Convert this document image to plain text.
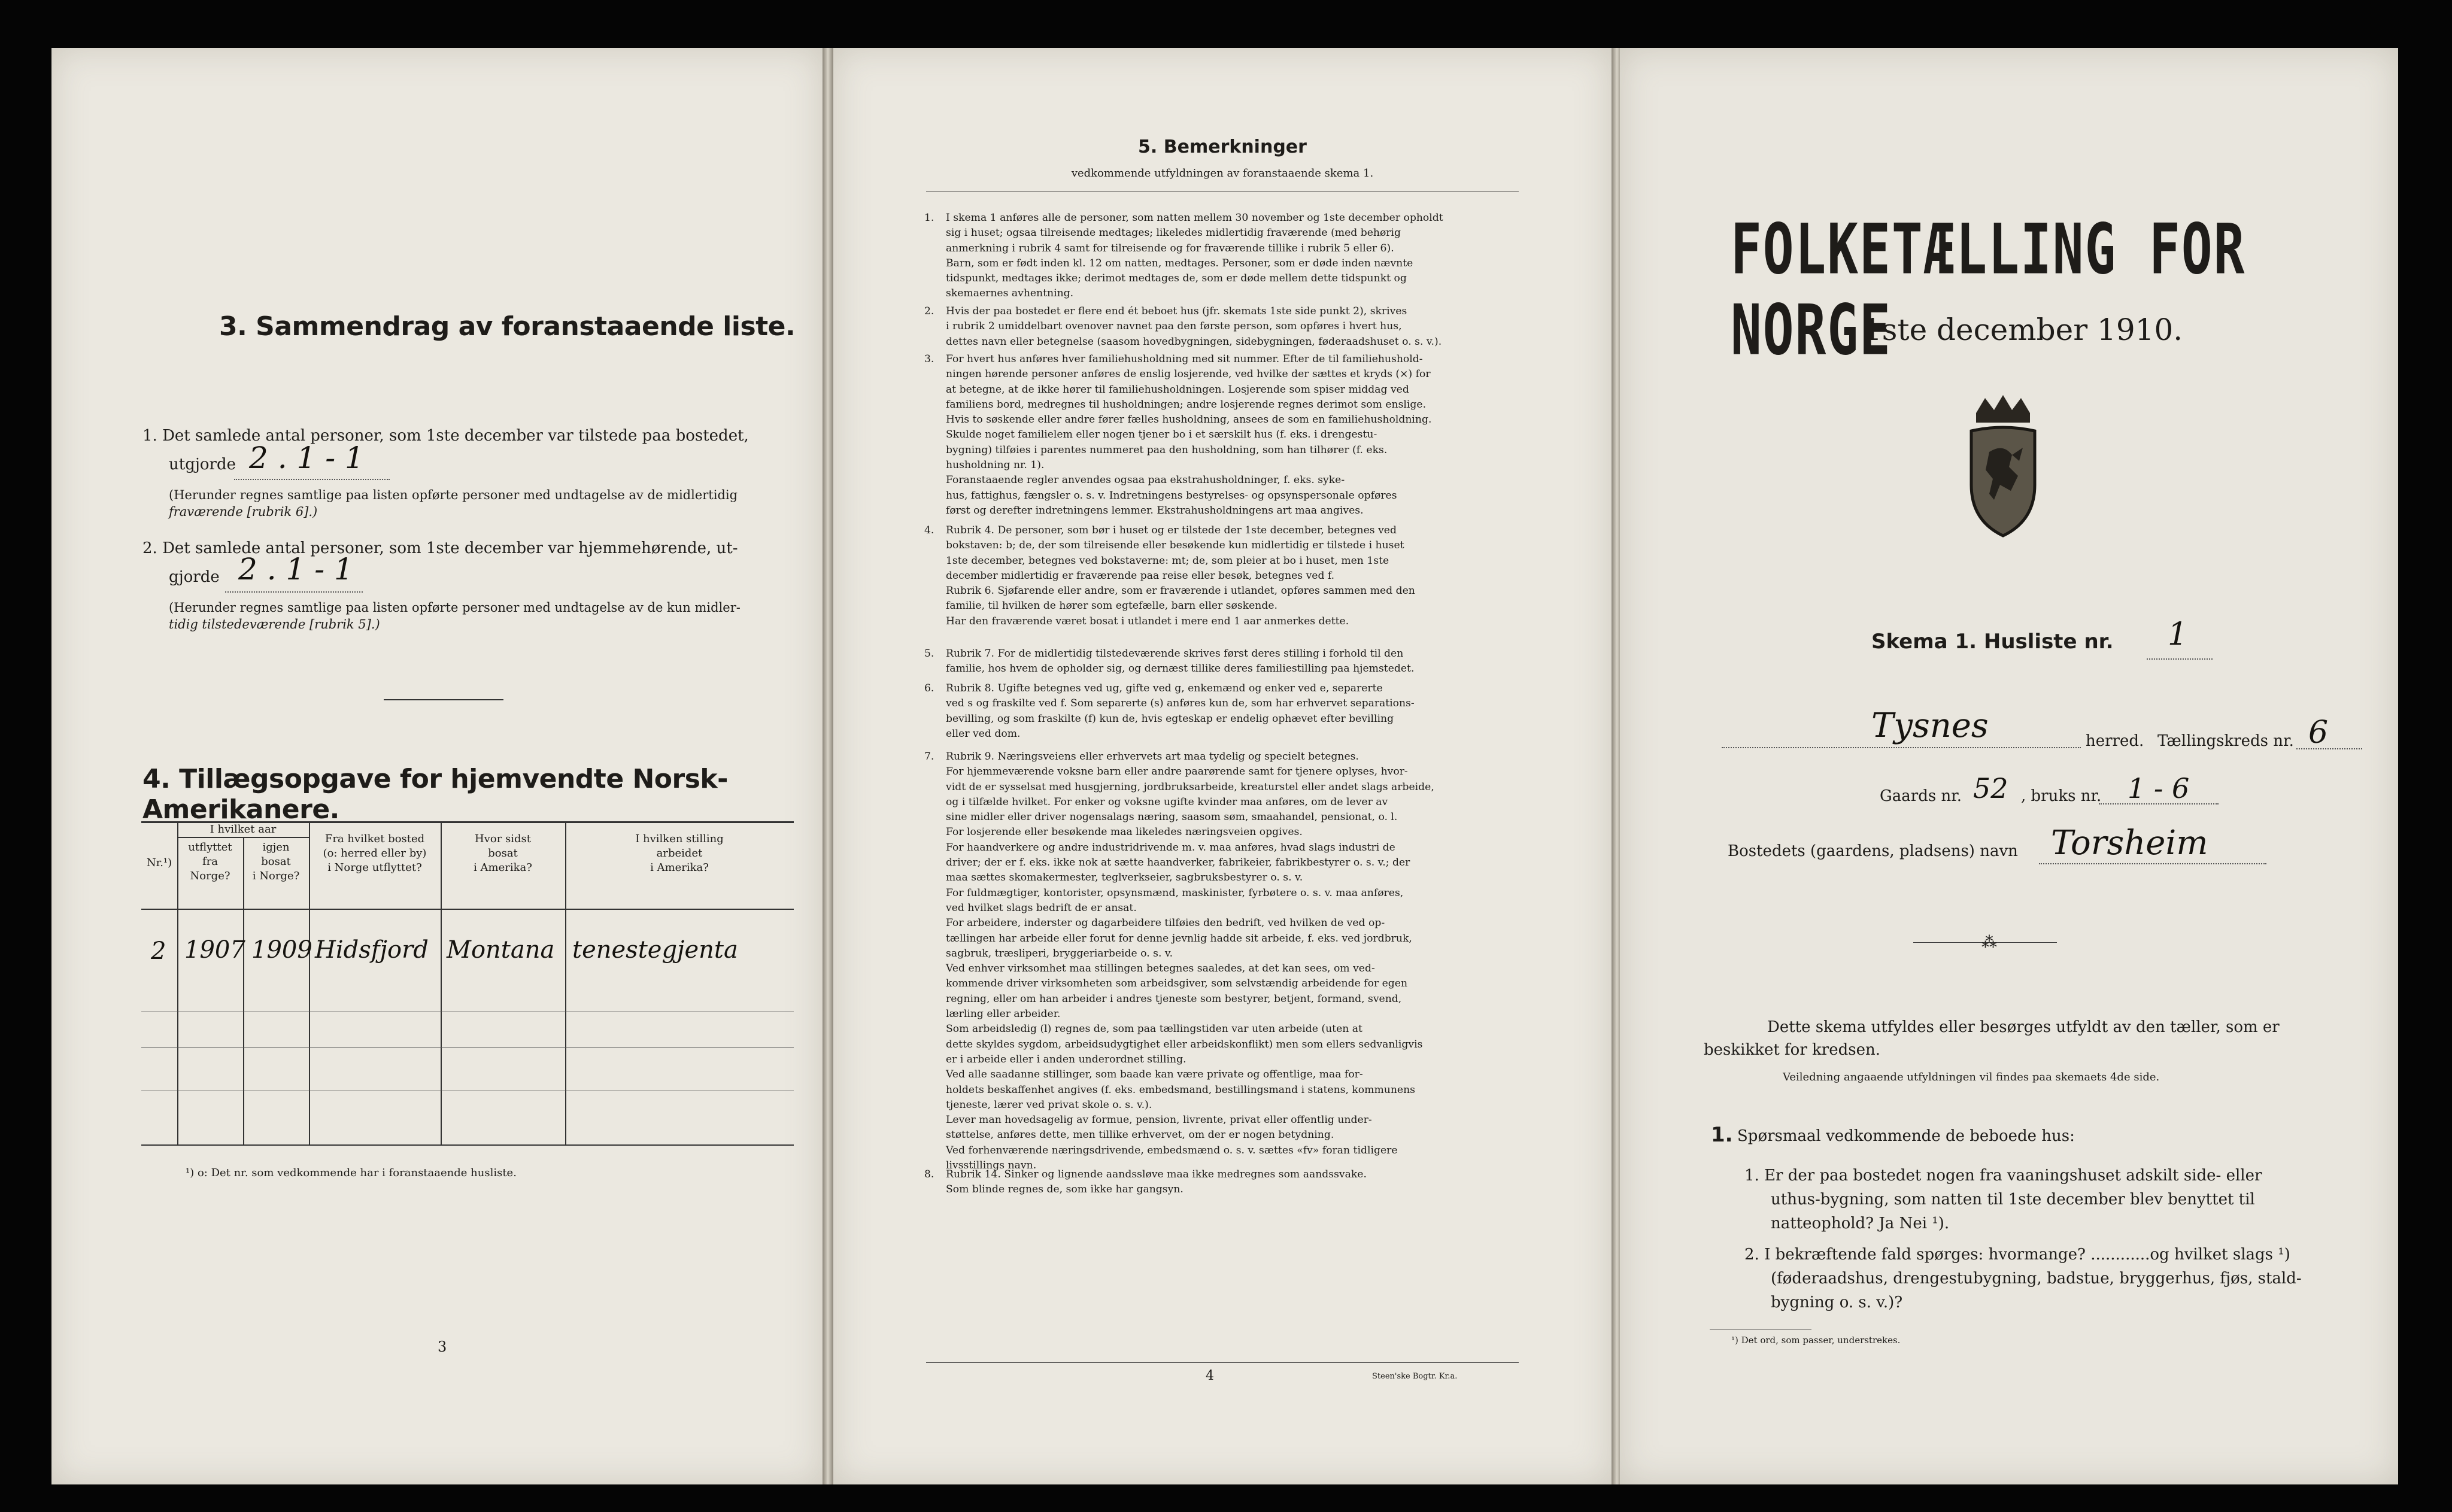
3. Sammendrag av foranstaaende liste.
1. Det samlede antal personer, som 1ste december var tilstede paa bostedet,
utgjorde 2 . 1 - 1
(Herunder regnes samtlige paa listen opførte personer med undtagelse av de midlertidig
fraværende [rubrik 6].)
2. Det samlede antal personer, som 1ste december var hjemmehørende, ut-
gjorde 2 . 1 - 1
(Herunder regnes samtlige paa listen opførte personer med undtagelse av de kun midler-
tidig tilstedeværende [rubrik 5].)
4. Tillægsopgave for hjemvendte Norsk-Amerikanere.
Nr.¹)
I hvilket aar
utflyttet
fra
Norge?
igjen
bosat
i Norge?
Fra hvilket bosted
(o: herred eller by)
i Norge utflyttet?
Hvor sidst
bosat
i Amerika?
I hvilken stilling
arbeidet
i Amerika?
2 1907 1909 Hidsfjord Montana tenestegjenta
¹) o: Det nr. som vedkommende har i foranstaaende husliste.
3
5. Bemerkninger
vedkommende utfyldningen av foranstaaende skema 1.
1. I skema 1 anføres alle de personer, som natten mellem 30 november og 1ste december opholdt
sig i huset; ogsaa tilreisende medtages; likeledes midlertidig fraværende (med behørig
anmerkning i rubrik 4 samt for tilreisende og for fraværende tillike i rubrik 5 eller 6).
Barn, som er født inden kl. 12 om natten, medtages. Personer, som er døde inden nævnte
tidspunkt, medtages ikke; derimot medtages de, som er døde mellem dette tidspunkt og
skemaernes avhentning.
2. Hvis der paa bostedet er flere end ét beboet hus (jfr. skemats 1ste side punkt 2), skrives
i rubrik 2 umiddelbart ovenover navnet paa den første person, som opføres i hvert hus,
dettes navn eller betegnelse (saasom hovedbygningen, sidebygningen, føderaadshuset o. s. v.).
3. For hvert hus anføres hver familiehusholdning med sit nummer. Efter de til familiehushold-
ningen hørende personer anføres de enslig losjerende, ved hvilke der sættes et kryds (×) for
at betegne, at de ikke hører til familiehusholdningen. Losjerende som spiser middag ved
familiens bord, medregnes til husholdningen; andre losjerende regnes derimot som enslige.
Hvis to søskende eller andre fører fælles husholdning, ansees de som en familiehusholdning.
Skulde noget familielem eller nogen tjener bo i et særskilt hus (f. eks. i drengestu-
bygning) tilføies i parentes nummeret paa den husholdning, som han tilhører (f. eks.
husholdning nr. 1).
Foranstaaende regler anvendes ogsaa paa ekstrahusholdninger, f. eks. syke-
hus, fattighus, fængsler o. s. v. Indretningens bestyrelses- og opsynspersonale opføres
først og derefter indretningens lemmer. Ekstrahusholdningens art maa angives.
4. Rubrik 4. De personer, som bør i huset og er tilstede der 1ste december, betegnes ved
bokstaven: b; de, der som tilreisende eller besøkende kun midlertidig er tilstede i huset
1ste december, betegnes ved bokstaverne: mt; de, som pleier at bo i huset, men 1ste
december midlertidig er fraværende paa reise eller besøk, betegnes ved f.
Rubrik 6. Sjøfarende eller andre, som er fraværende i utlandet, opføres sammen med den
familie, til hvilken de hører som egtefælle, barn eller søskende.
Har den fraværende været bosat i utlandet i mere end 1 aar anmerkes dette.
5. Rubrik 7. For de midlertidig tilstedeværende skrives først deres stilling i forhold til den
familie, hos hvem de opholder sig, og dernæst tillike deres familiestilling paa hjemstedet.
6. Rubrik 8. Ugifte betegnes ved ug, gifte ved g, enkemænd og enker ved e, separerte
ved s og fraskilte ved f. Som separerte (s) anføres kun de, som har erhvervet separations-
bevilling, og som fraskilte (f) kun de, hvis egteskap er endelig ophævet efter bevilling
eller ved dom.
7. Rubrik 9. Næringsveiens eller erhvervets art maa tydelig og specielt betegnes.
For hjemmeværende voksne barn eller andre paarørende samt for tjenere oplyses, hvor-
vidt de er sysselsat med husgjerning, jordbruksarbeide, kreaturstel eller andet slags arbeide,
og i tilfælde hvilket. For enker og voksne ugifte kvinder maa anføres, om de lever av
sine midler eller driver nogensalags næring, saasom søm, smaahandel, pensionat, o. l.
For losjerende eller besøkende maa likeledes næringsveien opgives.
For haandverkere og andre industridrivende m. v. maa anføres, hvad slags industri de
driver; der er f. eks. ikke nok at sætte haandverker, fabrikeier, fabrikbestyrer o. s. v.; der
maa sættes skomakermester, teglverkseier, sagbruksbestyrer o. s. v.
For fuldmægtiger, kontorister, opsynsmænd, maskinister, fyrbøtere o. s. v. maa anføres,
ved hvilket slags bedrift de er ansat.
For arbeidere, inderster og dagarbeidere tilføies den bedrift, ved hvilken de ved op-
tællingen har arbeide eller forut for denne jevnlig hadde sit arbeide, f. eks. ved jordbruk,
sagbruk, træsliperi, bryggeriarbeide o. s. v.
Ved enhver virksomhet maa stillingen betegnes saaledes, at det kan sees, om ved-
kommende driver virksomheten som arbeidsgiver, som selvstændig arbeidende for egen
regning, eller om han arbeider i andres tjeneste som bestyrer, betjent, formand, svend,
lærling eller arbeider.
Som arbeidsledig (l) regnes de, som paa tællingstiden var uten arbeide (uten at
dette skyldes sygdom, arbeidsudygtighet eller arbeidskonflikt) men som ellers sedvanligvis
er i arbeide eller i anden underordnet stilling.
Ved alle saadanne stillinger, som baade kan være private og offentlige, maa for-
holdets beskaffenhet angives (f. eks. embedsmand, bestillingsmand i statens, kommunens
tjeneste, lærer ved privat skole o. s. v.).
Lever man hovedsagelig av formue, pension, livrente, privat eller offentlig under-
støttelse, anføres dette, men tillike erhvervet, om der er nogen betydning.
Ved forhenværende næringsdrivende, embedsmænd o. s. v. sættes «fv» foran tidligere
livsstillings navn.
8. Rubrik 14. Sinker og lignende aandssløve maa ikke medregnes som aandssvake.
Som blinde regnes de, som ikke har gangsyn.
4	Steen'ske Bogtr. Kr.a.
FOLKETÆLLING FOR NORGE
1ste december 1910.
Skema 1. Husliste nr. 1
Tysnes	herred. Tællingskreds nr. 6
Gaards nr. 52 , bruks nr. 1 - 6
Bostedets (gaardens, pladsens) navn Torsheim
⁂
Dette skema utfyldes eller besørges utfyldt av den tæller, som er
beskikket for kredsen.
Veiledning angaaende utfyldningen vil findes paa skemaets 4de side.
1. Spørsmaal vedkommende de beboede hus:
1. Er der paa bostedet nogen fra vaaningshuset adskilt side- eller
uthus-bygning, som natten til 1ste december blev benyttet til
natteophold? Ja Nei ¹).
2. I bekræftende fald spørges: hvormange? ............og hvilket slags ¹)
(føderaadshus, drengestubygning, badstue, bryggerhus, fjøs, stald-
bygning o. s. v.)?
¹) Det ord, som passer, understrekes.
